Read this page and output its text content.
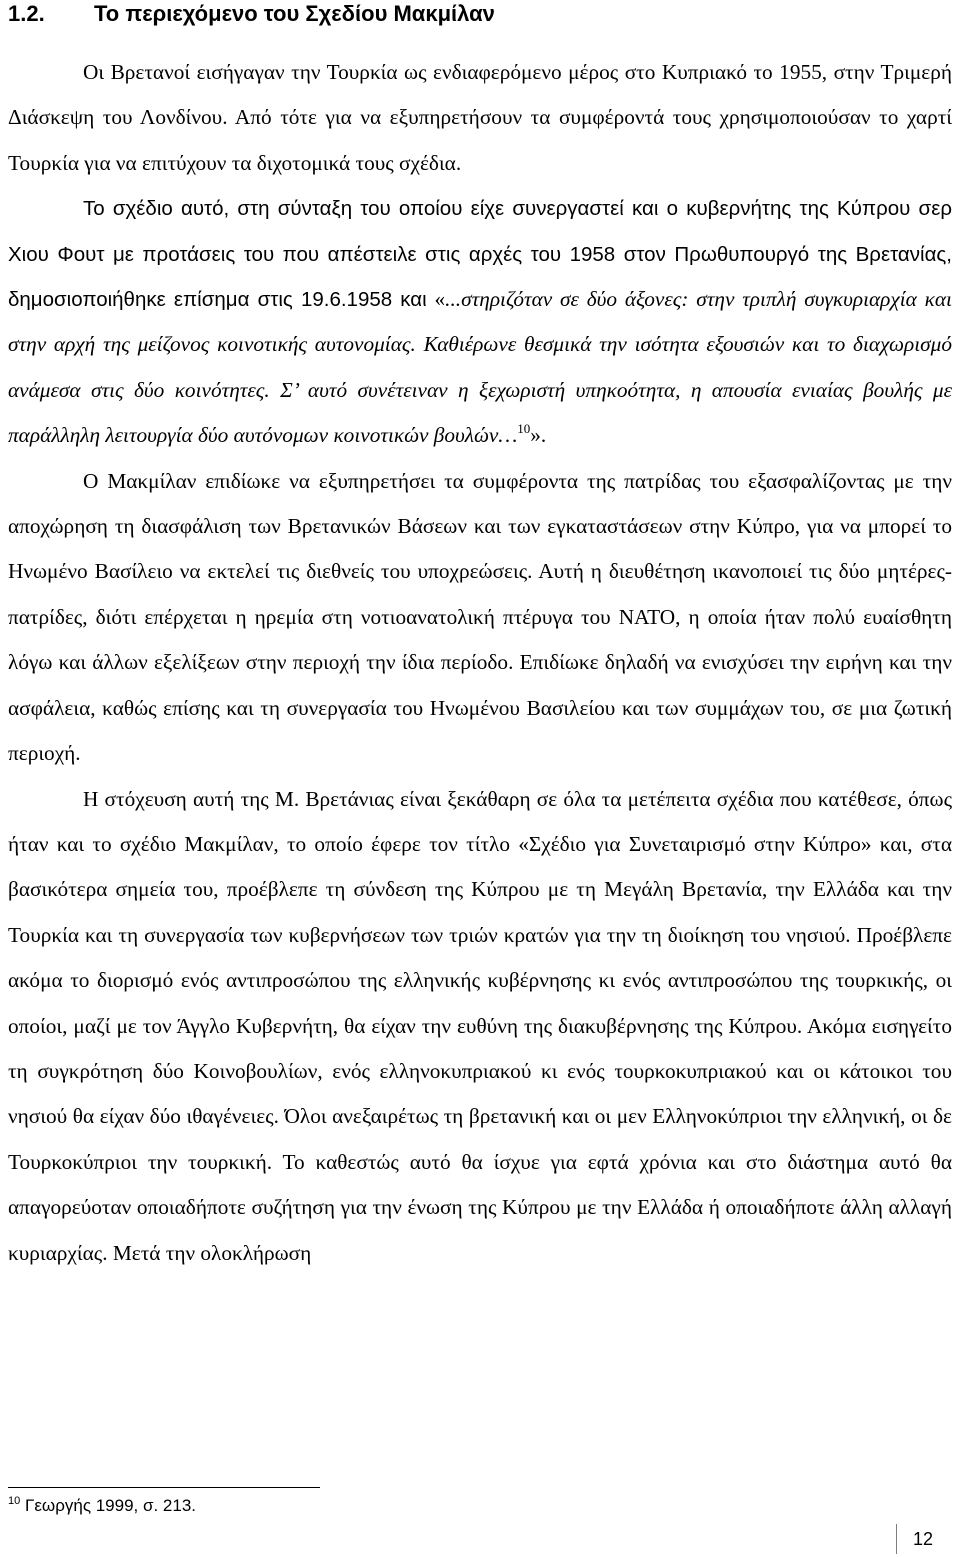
1.2. Το περιεχόμενο του Σχεδίου Μακμίλαν

Οι Βρετανοί εισήγαγαν την Τουρκία ως ενδιαφερόμενο μέρος στο Κυπριακό το 1955, στην Τριμερή Διάσκεψη του Λονδίνου. Από τότε για να εξυπηρετήσουν τα συμφέροντά τους χρησιμοποιούσαν το χαρτί Τουρκία για να επιτύχουν τα διχοτομικά τους σχέδια.

Το σχέδιο αυτό, στη σύνταξη του οποίου είχε συνεργαστεί και ο κυβερνήτης της Κύπρου σερ Χιου Φουτ με προτάσεις του που απέστειλε στις αρχές του 1958 στον Πρωθυπουργό της Βρετανίας, δημοσιοποιήθηκε επίσημα στις 19.6.1958 και «...στηριζόταν σε δύο άξονες: στην τριπλή συγκυριαρχία και στην αρχή της μείζονος κοινοτικής αυτονομίας. Καθιέρωνε θεσμικά την ισότητα εξουσιών και το διαχωρισμό ανάμεσα στις δύο κοινότητες. Σ’ αυτό συνέτειναν η ξεχωριστή υπηκοότητα, η απουσία ενιαίας βουλής με παράλληλη λειτουργία δύο αυτόνομων κοινοτικών βουλών…$^{10}$».

Ο Μακμίλαν επιδίωκε να εξυπηρετήσει τα συμφέροντα της πατρίδας του εξασφαλίζοντας με την αποχώρηση τη διασφάλιση των Βρετανικών Βάσεων και των εγκαταστάσεων στην Κύπρο, για να μπορεί το Ηνωμένο Βασίλειο να εκτελεί τις διεθνείς του υποχρεώσεις. Αυτή η διευθέτηση ικανοποιεί τις δύο μητέρες-πατρίδες, διότι επέρχεται η ηρεμία στη νοτιοανατολική πτέρυγα του ΝΑΤΟ, η οποία ήταν πολύ ευαίσθητη λόγω και άλλων εξελίξεων στην περιοχή την ίδια περίοδο. Επιδίωκε δηλαδή να ενισχύσει την ειρήνη και την ασφάλεια, καθώς επίσης και τη συνεργασία του Ηνωμένου Βασιλείου και των συμμάχων του, σε μια ζωτική περιοχή.

Η στόχευση αυτή της Μ. Βρετάνιας είναι ξεκάθαρη σε όλα τα μετέπειτα σχέδια που κατέθεσε, όπως ήταν και το σχέδιο Μακμίλαν, το οποίο έφερε τον τίτλο «Σχέδιο για Συνεταιρισμό στην Κύπρο» και, στα βασικότερα σημεία του, προέβλεπε τη σύνδεση της Κύπρου με τη Μεγάλη Βρετανία, την Ελλάδα και την Τουρκία και τη συνεργασία των κυβερνήσεων των τριών κρατών για την τη διοίκηση του νησιού. Προέβλεπε ακόμα το διορισμό ενός αντιπροσώπου της ελληνικής κυβέρνησης κι ενός αντιπροσώπου της τουρκικής, οι οποίοι, μαζί με τον Άγγλο Κυβερνήτη, θα είχαν την ευθύνη της διακυβέρνησης της Κύπρου. Ακόμα εισηγείτο τη συγκρότηση δύο Κοινοβουλίων, ενός ελληνοκυπριακού κι ενός τουρκοκυπριακού και οι κάτοικοι του νησιού θα είχαν δύο ιθαγένειες. Όλοι ανεξαιρέτως τη βρετανική και οι μεν Ελληνοκύπριοι την ελληνική, οι δε Τουρκοκύπριοι την τουρκική. Το καθεστώς αυτό θα ίσχυε για εφτά χρόνια και στο διάστημα αυτό θα απαγορεύοταν οποιαδήποτε συζήτηση για την ένωση της Κύπρου με την Ελλάδα ή οποιαδήποτε άλλη αλλαγή κυριαρχίας. Μετά την ολοκλήρωση

$^{10}$ Γεωργής 1999, σ. 213.

12
